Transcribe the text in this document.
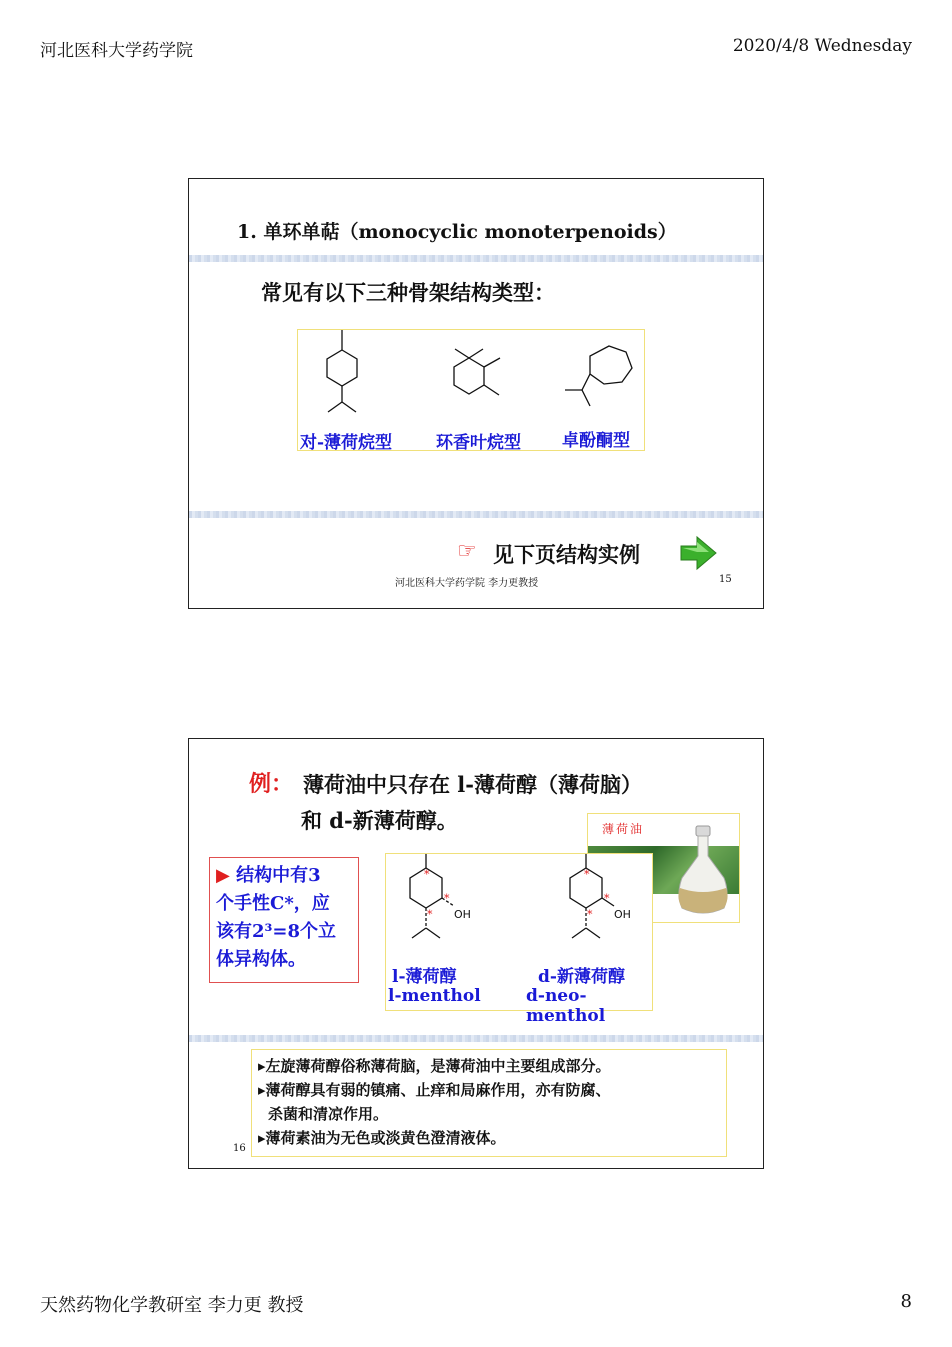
河北医科大学药学院	2020/4/8 Wednesday
1. 单环单萜（monocyclic monoterpenoids）
常见有以下三种骨架结构类型：
对-薄荷烷型	环香叶烷型 卓酚酮型
☞ 见下页结构实例
河北医科大学药学院 李力更教授	15
例： 薄荷油中只存在 l-薄荷醇（薄荷脑）
和 d-新薄荷醇。
▶ 结构中有3
个手性C*，应
该有2³=8个立
体异构体。
薄荷油
*
*
* OH
*
*
* OH
l-薄荷醇
l-menthol
d-新薄荷醇
d-neo-menthol
▸左旋薄荷醇俗称薄荷脑，是薄荷油中主要组成部分。
▸薄荷醇具有弱的镇痛、止痒和局麻作用，亦有防腐、
杀菌和清凉作用。
▸薄荷素油为无色或淡黄色澄清液体。
16
天然药物化学教研室 李力更 教授	8
